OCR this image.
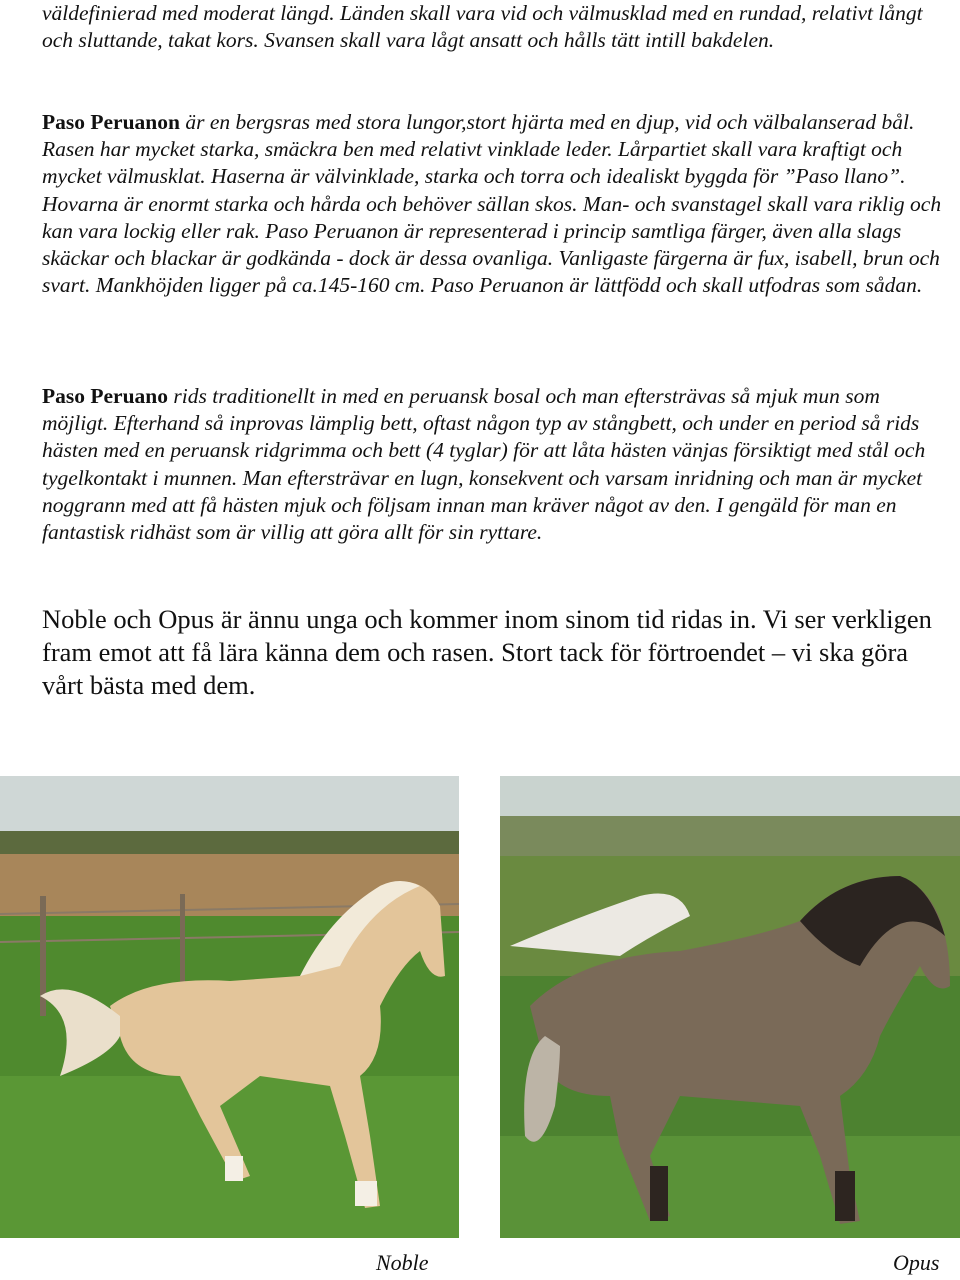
väldefinierad med moderat längd. Länden skall vara vid och välmusklad med en rundad, relativt långt och sluttande, takat kors. Svansen skall vara lågt ansatt och hålls tätt intill bakdelen.

Paso Peruanon är en bergsras med stora lungor,stort hjärta med en djup, vid och välbalanserad bål. Rasen har mycket starka, smäckra ben med relativt vinklade leder. Lårpartiet skall vara kraftigt och mycket välmusklat. Haserna är välvinklade, starka och torra och idealiskt byggda för ”Paso llano”. Hovarna är enormt starka och hårda och behöver sällan skos. Man- och svanstagel skall vara riklig och kan vara lockig eller rak. Paso Peruanon är representerad i princip samtliga färger, även alla slags skäckar och blackar är godkända - dock är dessa ovanliga. Vanligaste färgerna är fux, isabell, brun och svart. Mankhöjden ligger på ca.145-160 cm. Paso Peruanon är lättfödd och skall utfodras som sådan.

Paso Peruano rids traditionellt in med en peruansk bosal och man eftersträvas så mjuk mun som möjligt. Efterhand så inprovas lämplig bett, oftast någon typ av stångbett, och under en period så rids hästen med en peruansk ridgrimma och bett (4 tyglar) för att låta hästen vänjas försiktigt med stål och tygelkontakt i munnen. Man eftersträvar en lugn, konsekvent och varsam inridning och man är mycket noggrann med att få hästen mjuk och följsam innan man kräver något av den. I gengäld för man en fantastisk ridhäst som är villig att göra allt för sin ryttare.

Noble och Opus är ännu unga och kommer inom sinom tid ridas in. Vi ser verkligen fram emot att få lära känna dem och rasen. Stort tack för förtroendet – vi ska göra vårt bästa med dem.

Noble	Opus
